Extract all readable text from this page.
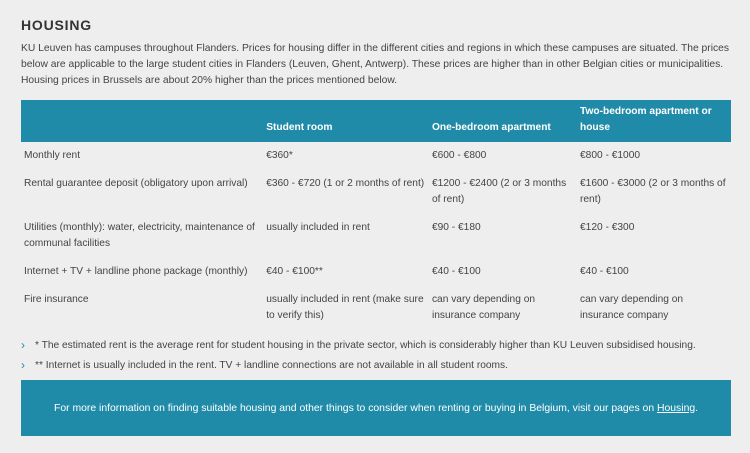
HOUSING

KU Leuven has campuses throughout Flanders. Prices for housing differ in the different cities and regions in which these campuses are situated. The prices below are applicable to the large student cities in Flanders (Leuven, Ghent, Antwerp). These prices are higher than in other Belgian cities or municipalities. Housing prices in Brussels are about 20% higher than the prices mentioned below.

	Student room	One-bedroom apartment	Two-bedroom apartment or house
Monthly rent	€360*	€600 - €800	€800 - €1000
Rental guarantee deposit (obligatory upon arrival)	€360 - €720 (1 or 2 months of rent)	€1200 - €2400 (2 or 3 months of rent)	€1600 - €3000 (2 or 3 months of rent)
Utilities (monthly): water, electricity, maintenance of communal facilities	usually included in rent	€90 - €180	€120 - €300
Internet + TV + landline phone package (monthly)	€40 - €100**	€40 - €100	€40 - €100
Fire insurance	usually included in rent (make sure to verify this)	can vary depending on insurance company	can vary depending on insurance company
› * The estimated rent is the average rent for student housing in the private sector, which is considerably higher than KU Leuven subsidised housing.
› ** Internet is usually included in the rent. TV + landline connections are not available in all student rooms.
For more information on finding suitable housing and other things to consider when renting or buying in Belgium, visit our pages on Housing.
